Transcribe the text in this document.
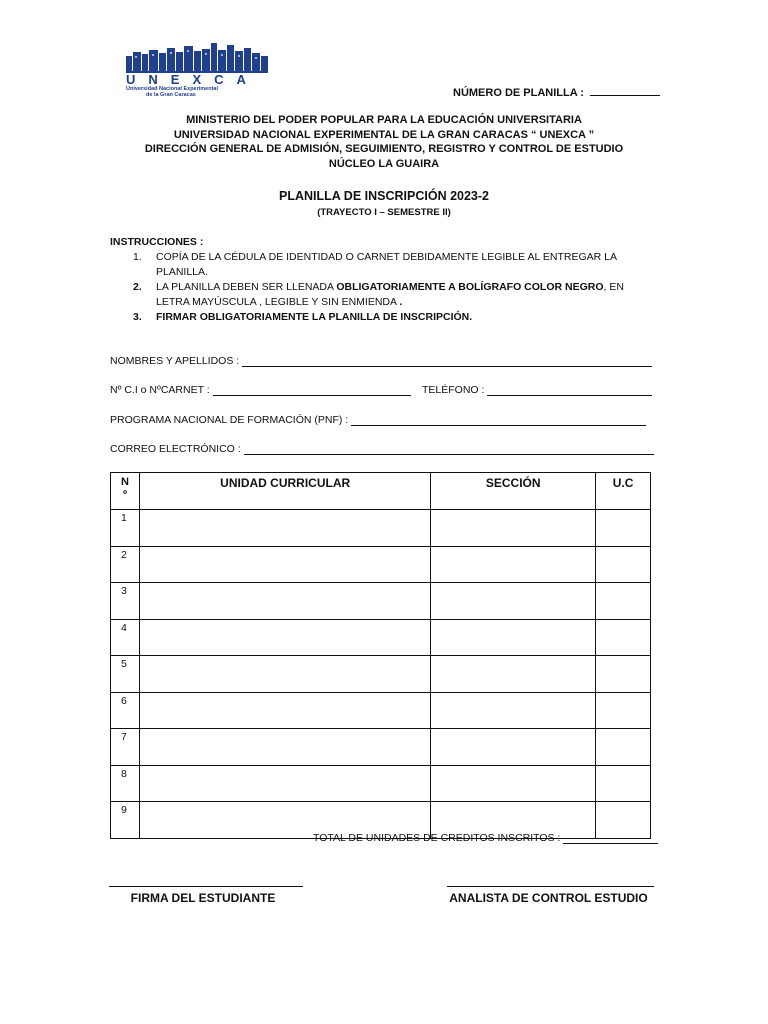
UNEXCA
Universidad Nacional Experimental
de la Gran Caracas	NÚMERO DE PLANILLA :
MINISTERIO DEL PODER POPULAR PARA LA EDUCACIÓN UNIVERSITARIA
UNIVERSIDAD NACIONAL EXPERIMENTAL DE LA GRAN CARACAS “ UNEXCA ”
DIRECCIÓN GENERAL DE ADMISIÓN, SEGUIMIENTO, REGISTRO Y CONTROL DE ESTUDIO
NÚCLEO LA GUAIRA
PLANILLA DE INSCRIPCIÓN 2023-2
(TRAYECTO I – SEMESTRE II)
INSTRUCCIONES :
1. COPÍA DE LA CÉDULA DE IDENTIDAD O CARNET DEBIDAMENTE LEGIBLE AL ENTREGAR LA PLANILLA.
2. LA PLANILLA DEBEN SER LLENADA OBLIGATORIAMENTE A BOLÍGRAFO COLOR NEGRO, EN LETRA MAYÚSCULA , LEGIBLE Y SIN ENMIENDA .
3. FIRMAR OBLIGATORIAMENTE LA PLANILLA DE INSCRIPCIÓN.
NOMBRES Y APELLIDOS :
Nº C.I o NºCARNET :	TELÉFONO :
PROGRAMA NACIONAL DE FORMACIÓN (PNF) :
CORREO ELECTRÓNICO :
Nº	UNIDAD CURRICULAR	SECCIÓN	U.C
1			
2			
3			
4			
5			
6			
7			
8			
9			
TOTAL DE UNIDADES DE CREDITOS INSCRITOS :
FIRMA DEL ESTUDIANTE	ANALISTA DE CONTROL ESTUDIO
